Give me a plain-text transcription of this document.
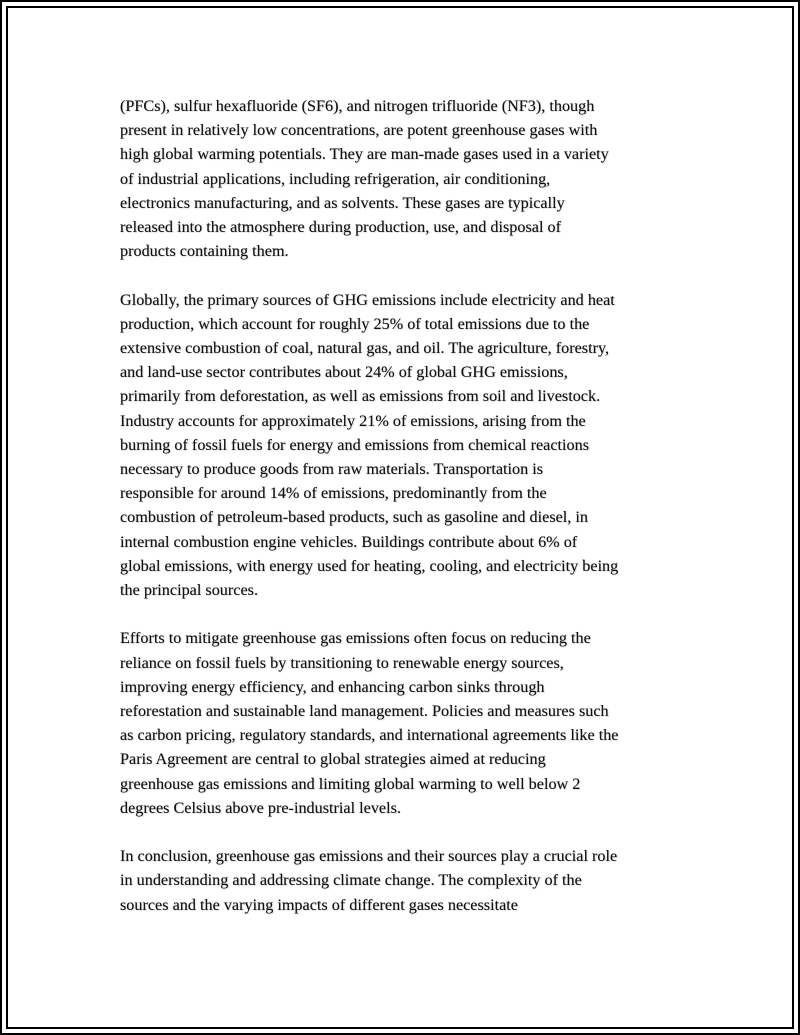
(PFCs), sulfur hexafluoride (SF6), and nitrogen trifluoride (NF3), though
present in relatively low concentrations, are potent greenhouse gases with
high global warming potentials. They are man-made gases used in a variety
of industrial applications, including refrigeration, air conditioning,
electronics manufacturing, and as solvents. These gases are typically
released into the atmosphere during production, use, and disposal of
products containing them.

Globally, the primary sources of GHG emissions include electricity and heat
production, which account for roughly 25% of total emissions due to the
extensive combustion of coal, natural gas, and oil. The agriculture, forestry,
and land-use sector contributes about 24% of global GHG emissions,
primarily from deforestation, as well as emissions from soil and livestock.
Industry accounts for approximately 21% of emissions, arising from the
burning of fossil fuels for energy and emissions from chemical reactions
necessary to produce goods from raw materials. Transportation is
responsible for around 14% of emissions, predominantly from the
combustion of petroleum-based products, such as gasoline and diesel, in
internal combustion engine vehicles. Buildings contribute about 6% of
global emissions, with energy used for heating, cooling, and electricity being
the principal sources.

Efforts to mitigate greenhouse gas emissions often focus on reducing the
reliance on fossil fuels by transitioning to renewable energy sources,
improving energy efficiency, and enhancing carbon sinks through
reforestation and sustainable land management. Policies and measures such
as carbon pricing, regulatory standards, and international agreements like the
Paris Agreement are central to global strategies aimed at reducing
greenhouse gas emissions and limiting global warming to well below 2
degrees Celsius above pre-industrial levels.

In conclusion, greenhouse gas emissions and their sources play a crucial role
in understanding and addressing climate change. The complexity of the
sources and the varying impacts of different gases necessitate
